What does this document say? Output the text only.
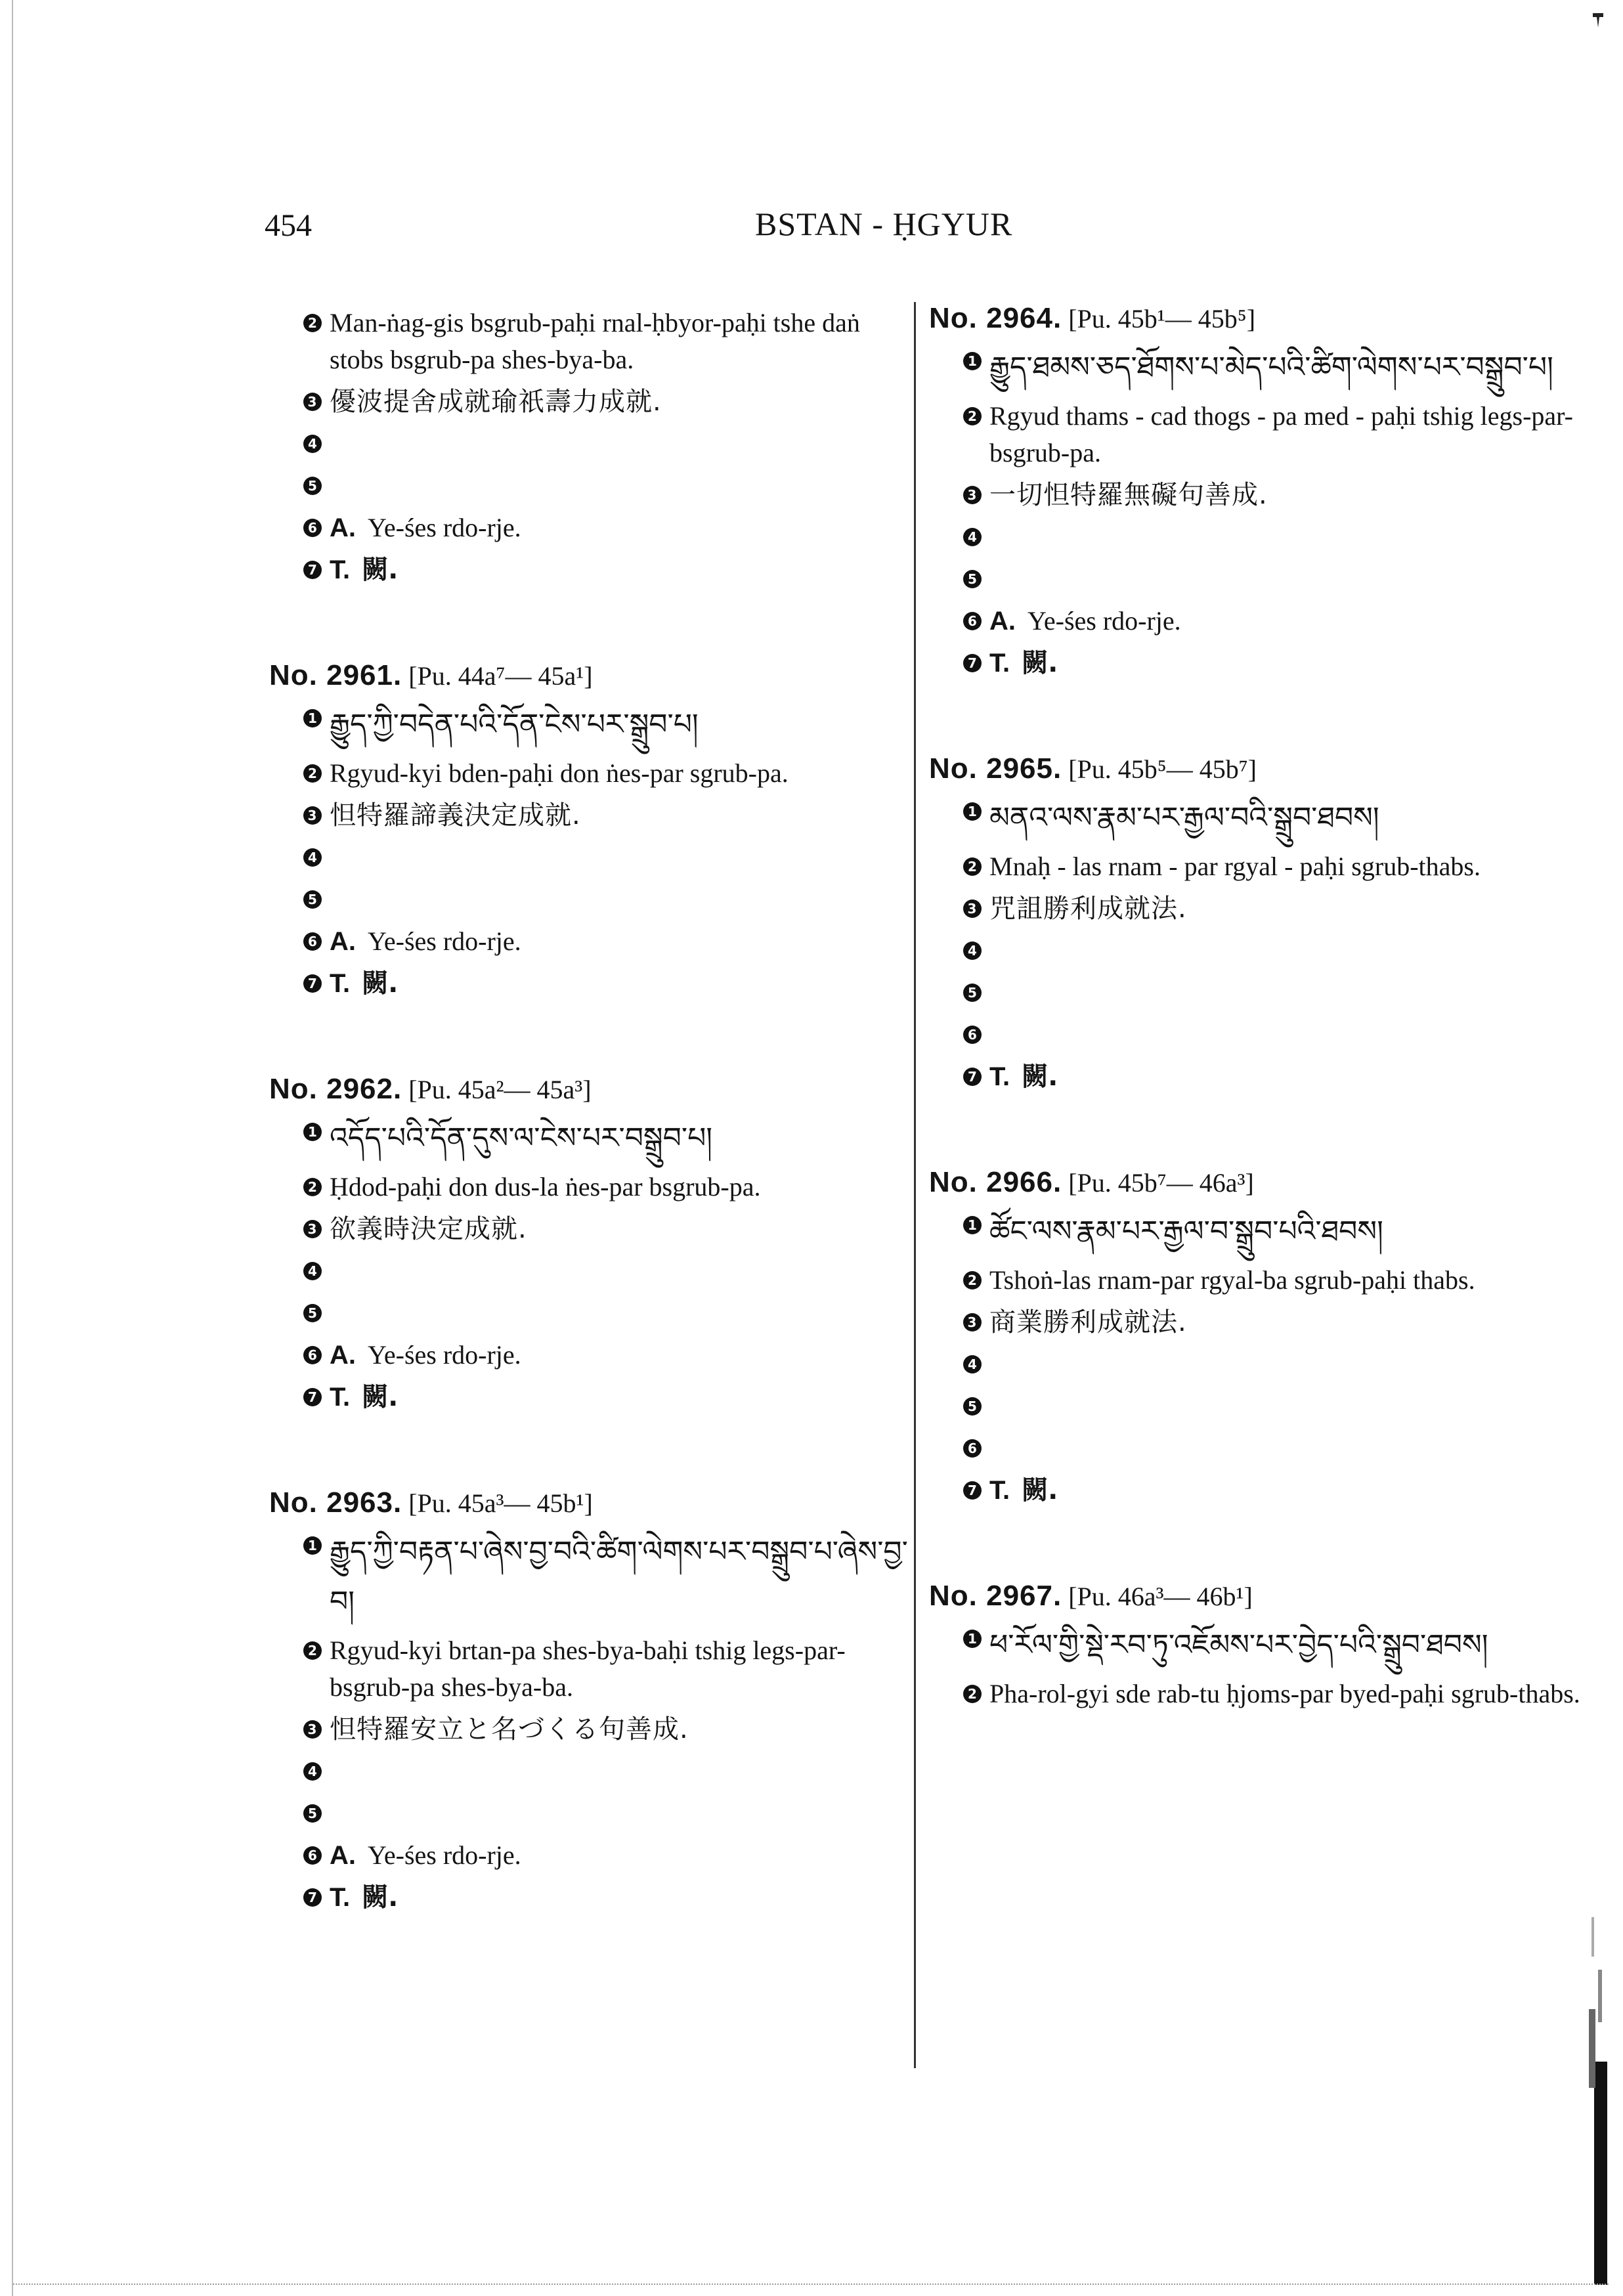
454	BSTAN - ḤGYUR
2 Man-ṅag-gis bsgrub-paḥi rnal-ḥbyor-paḥi tshe daṅ stobs bsgrub-pa shes-bya-ba.
3 優波提舍成就瑜祇壽力成就.
4
5
6 A. Ye-śes rdo-rje.
7 T. 闕.
No. 2961. [Pu. 44a⁷— 45a¹]
1 རྒྱུད་ཀྱི་བདེན་པའི་དོན་ངེས་པར་སྒྲུབ་པ།
2 Rgyud-kyi bden-paḥi don ṅes-par sgrub-pa.
3 怛特羅諦義決定成就.
4
5
6 A. Ye-śes rdo-rje.
7 T. 闕.
No. 2962. [Pu. 45a²— 45a³]
1 འདོད་པའི་དོན་དུས་ལ་ངེས་པར་བསྒྲུབ་པ།
2 Ḥdod-paḥi don dus-la ṅes-par bsgrub-pa.
3 欲義時決定成就.
4
5
6 A. Ye-śes rdo-rje.
7 T. 闕.
No. 2963. [Pu. 45a³— 45b¹]
1 རྒྱུད་ཀྱི་བརྟན་པ་ཞེས་བྱ་བའི་ཚིག་ལེགས་པར་བསྒྲུབ་པ་ཞེས་བྱ་བ།
2 Rgyud-kyi brtan-pa shes-bya-baḥi tshig legs-par-bsgrub-pa shes-bya-ba.
3 怛特羅安立と名づくる句善成.
4
5
6 A. Ye-śes rdo-rje.
7 T. 闕.
No. 2964. [Pu. 45b¹— 45b⁵]
1 རྒྱུད་ཐམས་ཅད་ཐོགས་པ་མེད་པའི་ཚིག་ལེགས་པར་བསྒྲུབ་པ།
2 Rgyud thams - cad thogs - pa med - paḥi tshig legs-par-bsgrub-pa.
3 一切怛特羅無礙句善成.
4
5
6 A. Ye-śes rdo-rje.
7 T. 闕.
No. 2965. [Pu. 45b⁵— 45b⁷]
1 མནའ་ལས་རྣམ་པར་རྒྱལ་བའི་སྒྲུབ་ཐབས།
2 Mnaḥ - las rnam - par rgyal - paḥi sgrub-thabs.
3 咒詛勝利成就法.
4
5
6
7 T. 闕.
No. 2966. [Pu. 45b⁷— 46a³]
1 ཚོང་ལས་རྣམ་པར་རྒྱལ་བ་སྒྲུབ་པའི་ཐབས།
2 Tshoṅ-las rnam-par rgyal-ba sgrub-paḥi thabs.
3 商業勝利成就法.
4
5
6
7 T. 闕.
No. 2967. [Pu. 46a³— 46b¹]
1 ཕ་རོལ་གྱི་སྡེ་རབ་ཏུ་འཇོམས་པར་བྱེད་པའི་སྒྲུབ་ཐབས།
2 Pha-rol-gyi sde rab-tu ḥjoms-par byed-paḥi sgrub-thabs.
